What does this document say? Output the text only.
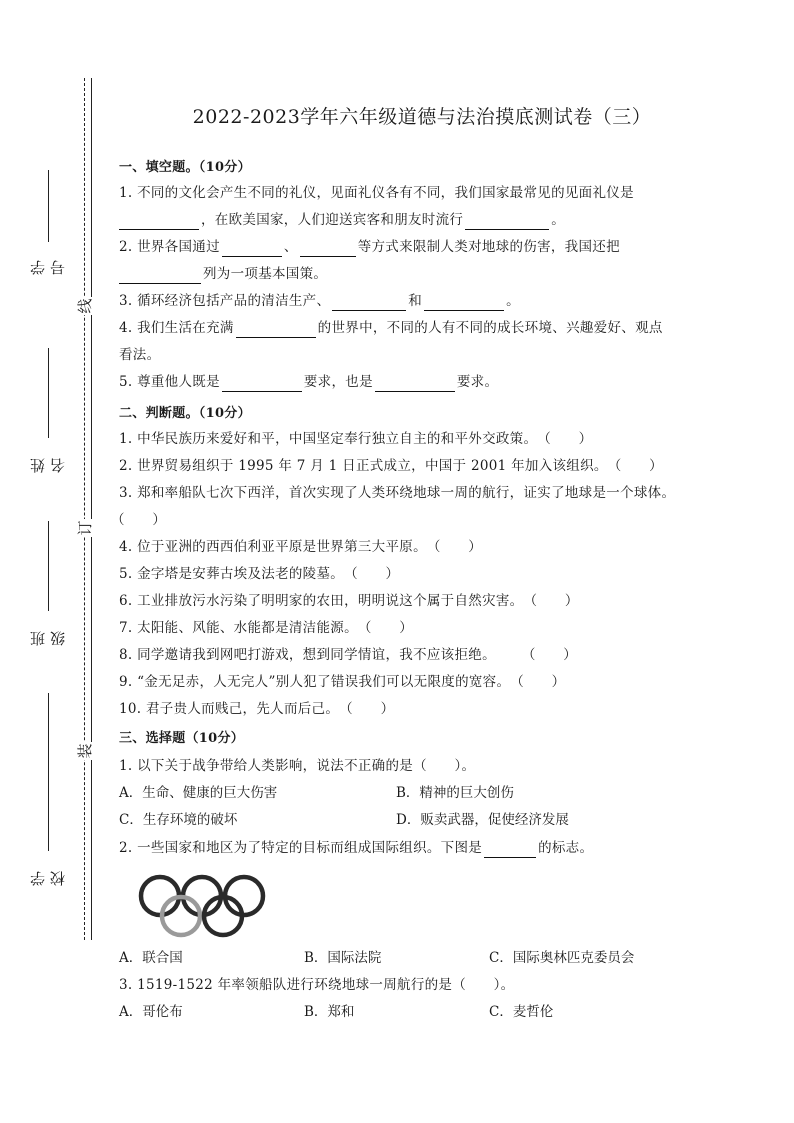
线
订
装
学号
姓名
班级
学校
2022-2023学年六年级道德与法治摸底测试卷（三）
一、填空题。（10分）
1. 不同的文化会产生不同的礼仪，见面礼仪各有不同，我们国家最常见的见面礼仪是
，在欧美国家，人们迎送宾客和朋友时流行	。
2. 世界各国通过	、	等方式来限制人类对地球的伤害，我国还把
列为一项基本国策。
3. 循环经济包括产品的清洁生产、	和	。
4. 我们生活在充满	的世界中，不同的人有不同的成长环境、兴趣爱好、观点
看法。
5. 尊重他人既是	要求，也是	要求。
二、判断题。（10分）
1. 中华民族历来爱好和平，中国坚定奉行独立自主的和平外交政策。（　　）
2. 世界贸易组织于 1995 年 7 月 1 日正式成立，中国于 2001 年加入该组织。（　　）
3. 郑和率船队七次下西洋，首次实现了人类环绕地球一周的航行，证实了地球是一个球体。
（　　）
4. 位于亚洲的西西伯利亚平原是世界第三大平原。（　　）
5. 金字塔是安葬古埃及法老的陵墓。（　　）
6. 工业排放污水污染了明明家的农田，明明说这个属于自然灾害。（　　）
7. 太阳能、风能、水能都是清洁能源。（　　）
8. 同学邀请我到网吧打游戏，想到同学情谊，我不应该拒绝。 （　　）
9. “金无足赤，人无完人”别人犯了错误我们可以无限度的宽容。（　　）
10. 君子贵人而贱己，先人而后己。（　　）
三、选择题（10分）
1. 以下关于战争带给人类影响，说法不正确的是（　　）。
A．生命、健康的巨大伤害	B．精神的巨大创伤
C．生存环境的破坏	D．贩卖武器，促使经济发展
2. 一些国家和地区为了特定的目标而组成国际组织。下图是	的标志。
A．联合国	B．国际法院	C．国际奥林匹克委员会
3. 1519-1522 年率领船队进行环绕地球一周航行的是（　　）。
A．哥伦布	B．郑和	C．麦哲伦
